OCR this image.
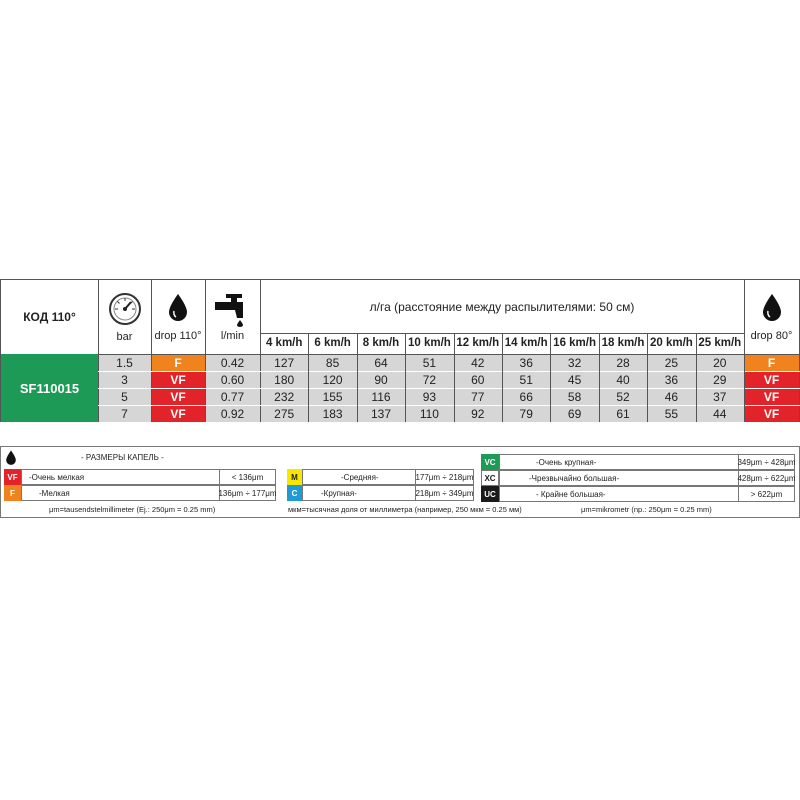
КОД 110°
bar drop 110° l/min
л/га (расстояние между распылителями: 50 см)
drop 80°
4 km/h	6 km/h	8 km/h 10 km/h 12 km/h 14 km/h 16 km/h 18 km/h 20 km/h 25 km/h
SF110015
1.5	F	0.42	127	85	64	51	42	36	32	28	25	20	F
3	VF	0.60	180	120	90	72	60	51	45	40	36	29	VF
5	VF	0.77	232	155	116	93	77	66	58	52	46	37	VF
7	VF	0.92	275	183	137	110	92	79	69	61	55	44	VF
- РАЗМЕРЫ КАПЕЛЬ -
VF	-Очень мелкая	< 136μm
F	-Мелкая	136μm ÷ 177μm
M	-Средняя-	177μm ÷ 218μm
C	-Крупная-	218μm ÷ 349μm
VC	-Очень крупная-	349μm ÷ 428μm
XC	-Чрезвычайно большая-	428μm ÷ 622μm
UC	- Крайне большая-	> 622μm
μm=tausendstelmillimeter (Ej.: 250μm = 0.25 mm)	мкм=тысячная доля от миллиметра (например, 250 мкм = 0.25 мм)	μm=mikrometr (np.: 250μm = 0.25 mm)
